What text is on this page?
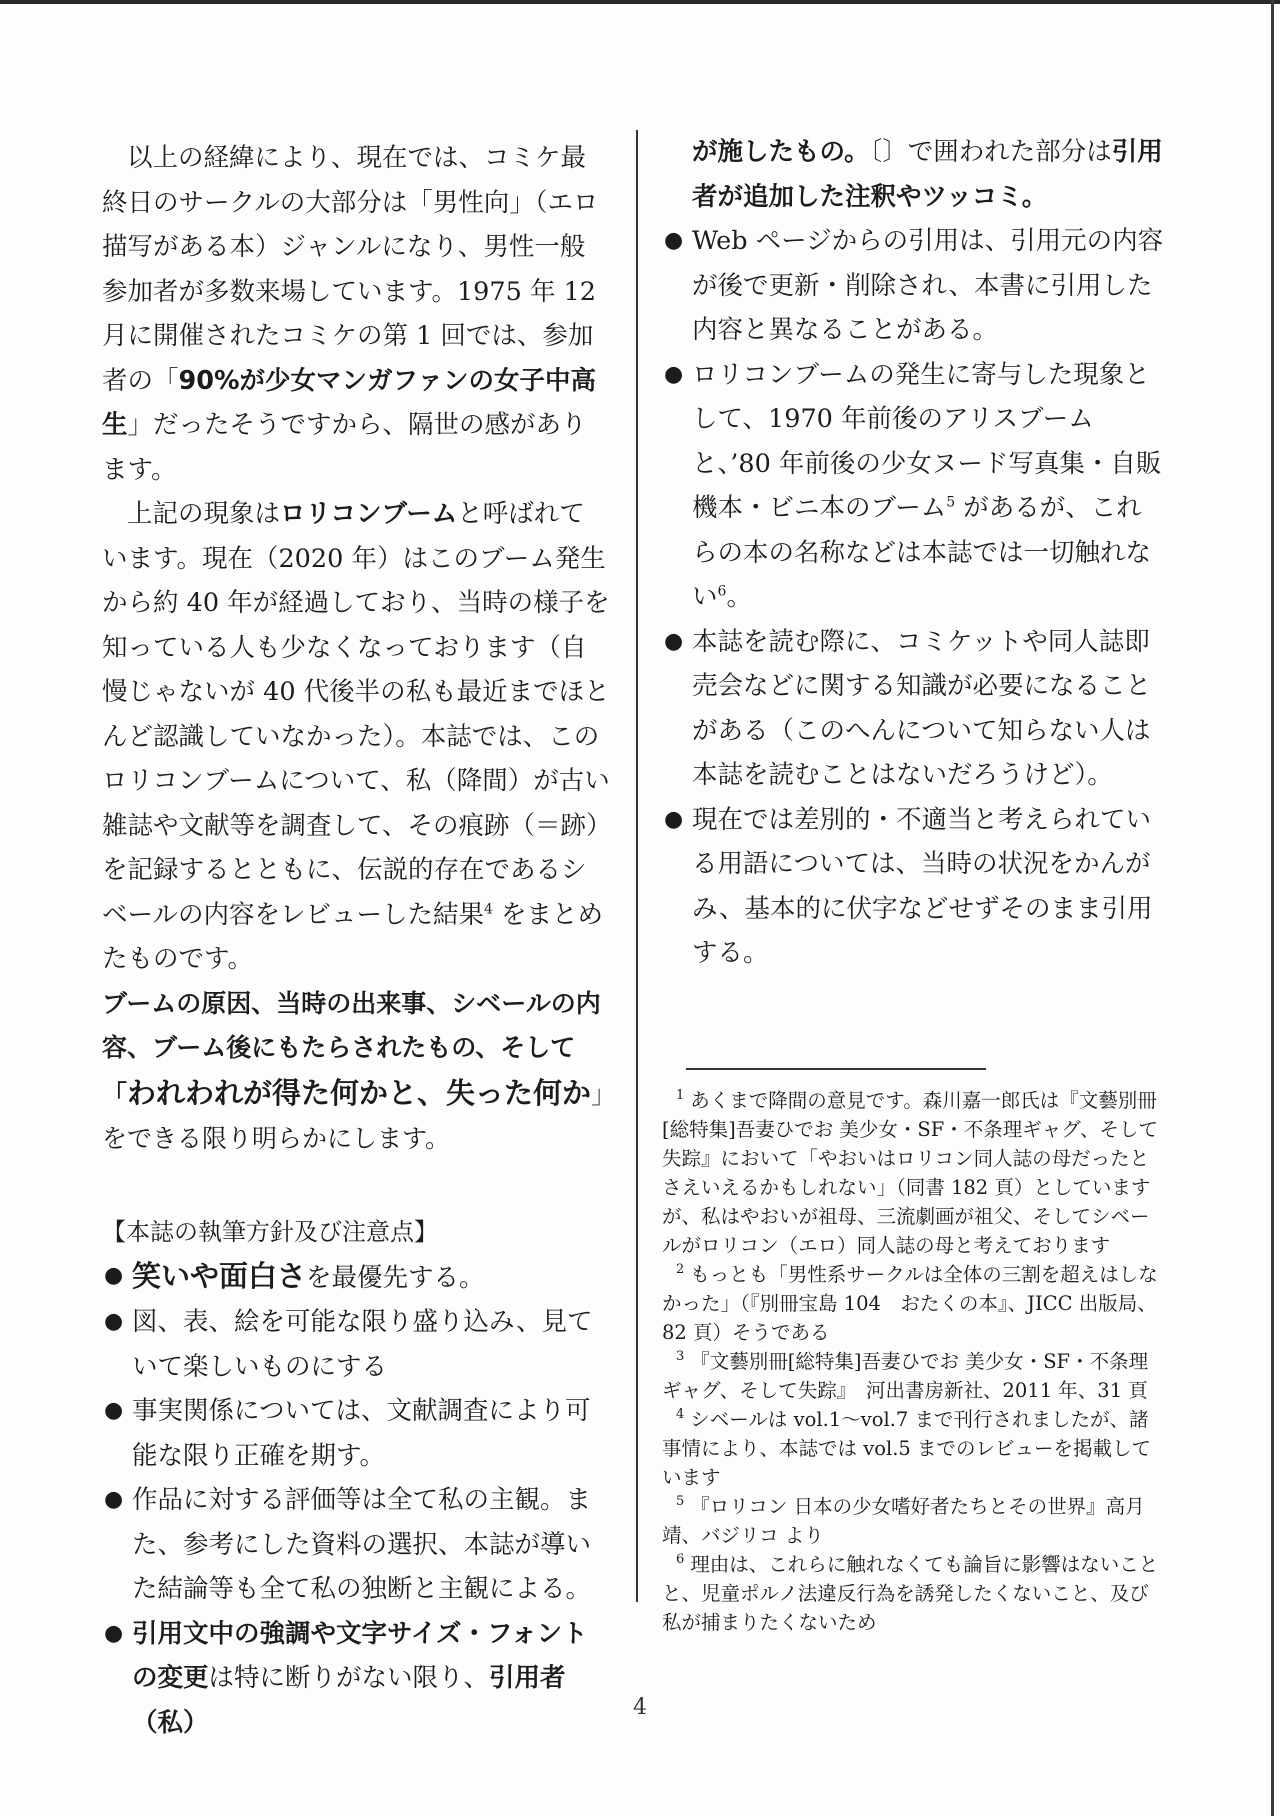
以上の経緯により、現在では、コミケ最終日のサークルの大部分は「男性向」（エロ描写がある本）ジャンルになり、男性一般参加者が多数来場しています。1975 年 12 月に開催されたコミケの第 1 回では、参加者の「90%が少女マンガファンの女子中高生」だったそうですから、隔世の感があります。

上記の現象はロリコンブームと呼ばれています。現在（2020 年）はこのブーム発生から約 40 年が経過しており、当時の様子を知っている人も少なくなっております（自慢じゃないが 40 代後半の私も最近までほとんど認識していなかった）。本誌では、このロリコンブームについて、私（降間）が古い雑誌や文献等を調査して、その痕跡（＝跡）を記録するとともに、伝説的存在であるシベールの内容をレビューした結果$^4$ をまとめたものです。

ブームの原因、当時の出来事、シベールの内容、ブーム後にもたらされたもの、そして「われわれが得た何かと、失った何か」をできる限り明らかにします。

【本誌の執筆方針及び注意点】
● 笑いや面白さを最優先する。
● 図、表、絵を可能な限り盛り込み、見ていて楽しいものにする
● 事実関係については、文献調査により可能な限り正確を期す。
● 作品に対する評価等は全て私の主観。また、参考にした資料の選択、本誌が導いた結論等も全て私の独断と主観による。
● 引用文中の強調や文字サイズ・フォントの変更は特に断りがない限り、引用者（私）

が施したもの。〔〕で囲われた部分は引用者が追加した注釈やツッコミ。

● Web ページからの引用は、引用元の内容が後で更新・削除され、本書に引用した内容と異なることがある。
● ロリコンブームの発生に寄与した現象として、1970 年前後のアリスブームと、’80 年前後の少女ヌード写真集・自販機本・ビニ本のブーム$^5$ があるが、これらの本の名称などは本誌では一切触れない$^6$。
● 本誌を読む際に、コミケットや同人誌即売会などに関する知識が必要になることがある（このへんについて知らない人は本誌を読むことはないだろうけど）。
● 現在では差別的・不適当と考えられている用語については、当時の状況をかんがみ、基本的に伏字などせずそのまま引用する。

$^1$ あくまで降間の意見です。森川嘉一郎氏は『文藝別冊[総特集]吾妻ひでお 美少女・SF・不条理ギャグ、そして失踪』において「やおいはロリコン同人誌の母だったとさえいえるかもしれない」（同書 182 頁）としていますが、私はやおいが祖母、三流劇画が祖父、そしてシベールがロリコン（エロ）同人誌の母と考えております

$^2$ もっとも「男性系サークルは全体の三割を超えはしなかった」（『別冊宝島 104　おたくの本』、JICC 出版局、82 頁）そうである

$^3$ 『文藝別冊[総特集]吾妻ひでお 美少女・SF・不条理ギャグ、そして失踪』　河出書房新社、2011 年、31 頁

$^4$ シベールは vol.1～vol.7 まで刊行されましたが、諸事情により、本誌では vol.5 までのレビューを掲載しています

$^5$ 『ロリコン 日本の少女嗜好者たちとその世界』高月靖、バジリコ より

$^6$ 理由は、これらに触れなくても論旨に影響はないことと、児童ポルノ法違反行為を誘発したくないこと、及び私が捕まりたくないため

4
